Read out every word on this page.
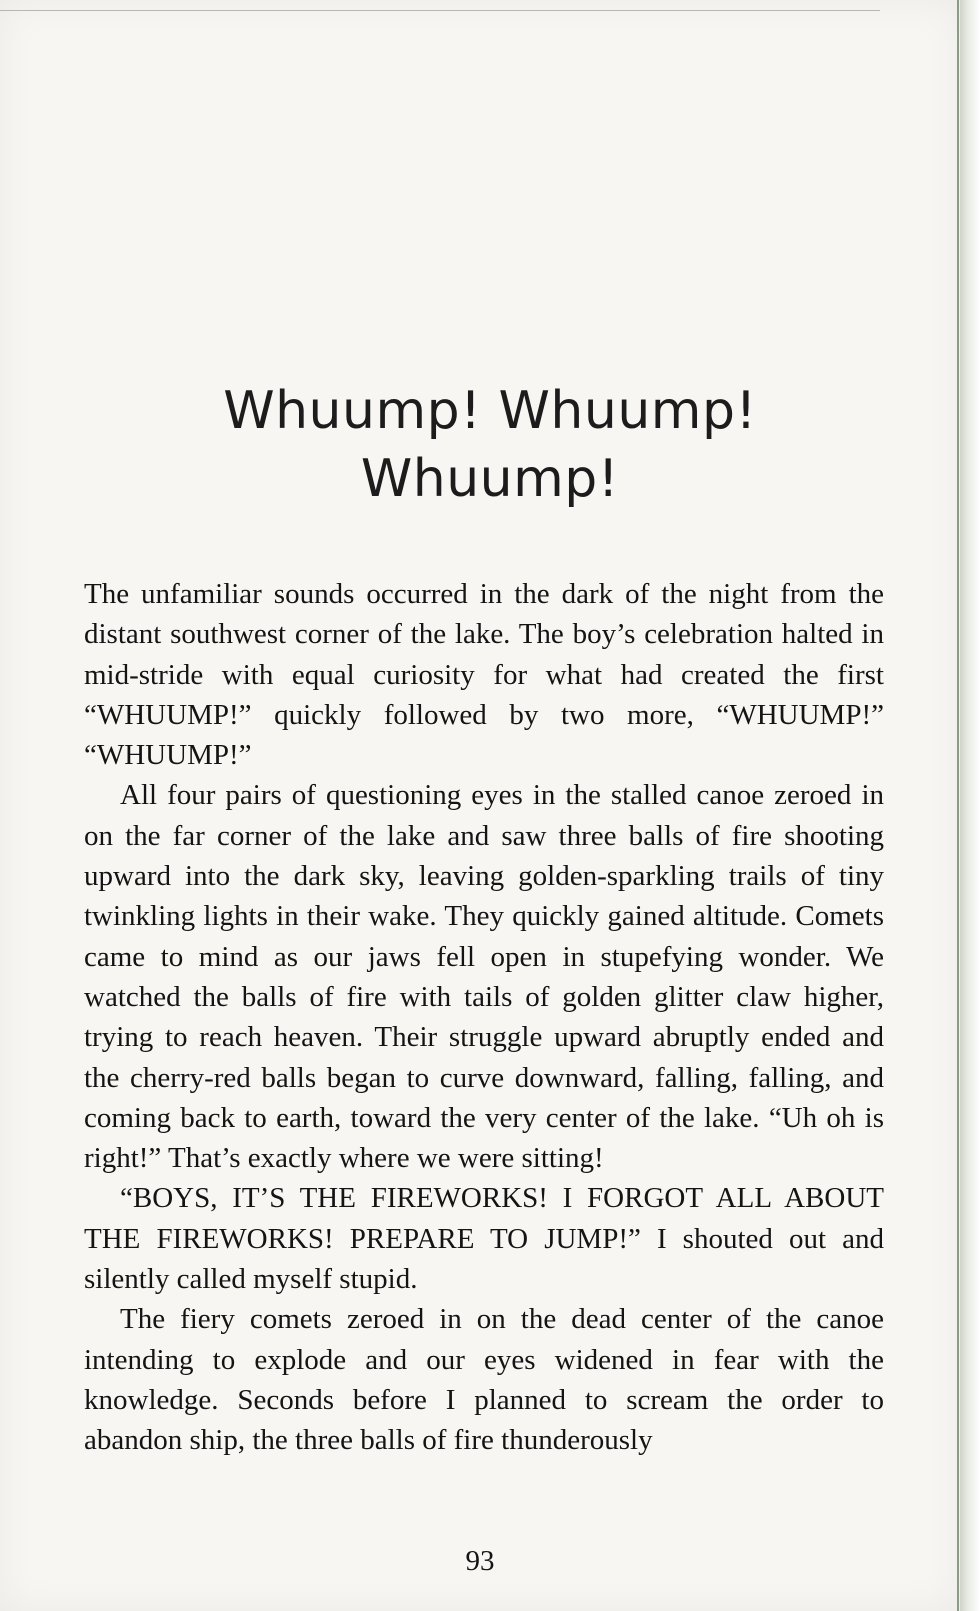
Whuump! Whuump!
Whuump!

The unfamiliar sounds occurred in the dark of the night from the distant southwest corner of the lake. The boy’s celebration halted in mid-stride with equal curiosity for what had created the first “WHUUMP!” quickly followed by two more, “WHUUMP!” “WHUUMP!”

All four pairs of questioning eyes in the stalled canoe zeroed in on the far corner of the lake and saw three balls of fire shooting upward into the dark sky, leaving golden-sparkling trails of tiny twinkling lights in their wake. They quickly gained altitude. Comets came to mind as our jaws fell open in stupefying wonder. We watched the balls of fire with tails of golden glitter claw higher, trying to reach heaven. Their struggle upward abruptly ended and the cherry-red balls began to curve downward, falling, falling, and coming back to earth, toward the very center of the lake. “Uh oh is right!” That’s exactly where we were sitting!

“BOYS, IT’S THE FIREWORKS! I FORGOT ALL ABOUT THE FIREWORKS! PREPARE TO JUMP!” I shouted out and silently called myself stupid.

The fiery comets zeroed in on the dead center of the canoe intending to explode and our eyes widened in fear with the knowledge. Seconds before I planned to scream the order to abandon ship, the three balls of fire thunderously

93
